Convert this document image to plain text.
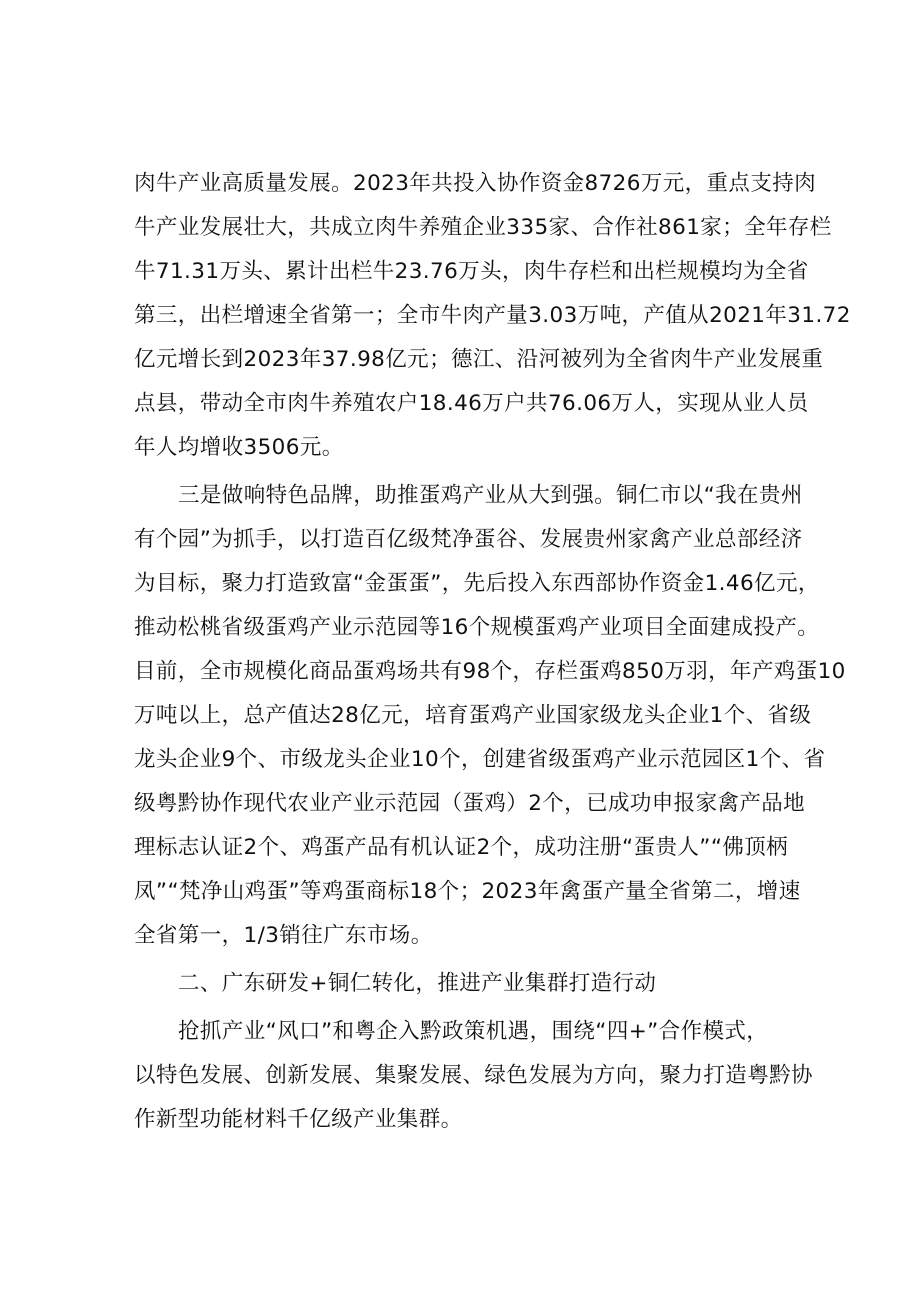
肉牛产业高质量发展。2023年共投入协作资金8726万元，重点支持肉
牛产业发展壮大，共成立肉牛养殖企业335家、合作社861家；全年存栏
牛71.31万头、累计出栏牛23.76万头，肉牛存栏和出栏规模均为全省
第三，出栏增速全省第一；全市牛肉产量3.03万吨，产值从2021年31.72
亿元增长到2023年37.98亿元；德江、沿河被列为全省肉牛产业发展重
点县，带动全市肉牛养殖农户18.46万户共76.06万人，实现从业人员
年人均增收3506元。
三是做响特色品牌，助推蛋鸡产业从大到强。铜仁市以“我在贵州
有个园”为抓手，以打造百亿级梵净蛋谷、发展贵州家禽产业总部经济
为目标，聚力打造致富“金蛋蛋”，先后投入东西部协作资金1.46亿元，
推动松桃省级蛋鸡产业示范园等16个规模蛋鸡产业项目全面建成投产。
目前，全市规模化商品蛋鸡场共有98个，存栏蛋鸡850万羽，年产鸡蛋10
万吨以上，总产值达28亿元，培育蛋鸡产业国家级龙头企业1个、省级
龙头企业9个、市级龙头企业10个，创建省级蛋鸡产业示范园区1个、省
级粤黔协作现代农业产业示范园（蛋鸡）2个，已成功申报家禽产品地
理标志认证2个、鸡蛋产品有机认证2个，成功注册“蛋贵人”“佛顶柄
凤”“梵净山鸡蛋”等鸡蛋商标18个；2023年禽蛋产量全省第二，增速
全省第一，1/3销往广东市场。
二、广东研发+铜仁转化，推进产业集群打造行动
抢抓产业“风口”和粤企入黔政策机遇，围绕“四+”合作模式，
以特色发展、创新发展、集聚发展、绿色发展为方向，聚力打造粤黔协
作新型功能材料千亿级产业集群。
